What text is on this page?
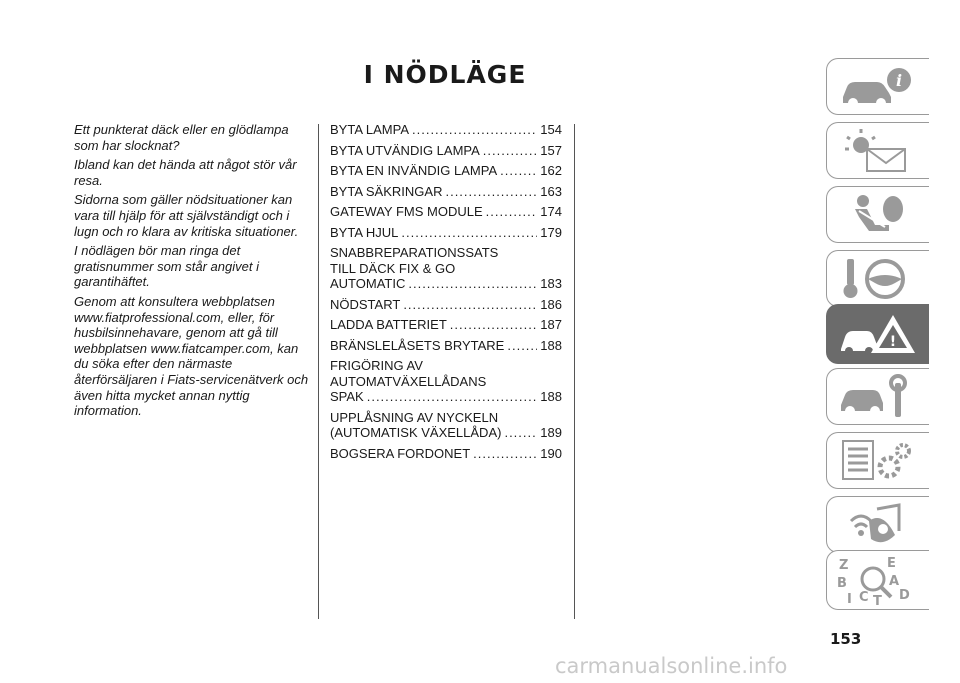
I NÖDLÄGE

Ett punkterat däck eller en glödlampa som har slocknat?

Ibland kan det hända att något stör vår resa.

Sidorna som gäller nödsituationer kan vara till hjälp för att självständigt och i lugn och ro klara av kritiska situationer.

I nödlägen bör man ringa det gratisnummer som står angivet i garantihäftet.

Genom att konsultera webbplatsen www.fiatprofessional.com, eller, för husbilsinnehavare, genom att gå till webbplatsen www.fiatcamper.com, kan du söka efter den närmaste återförsäljaren i Fiats-servicenätverk och även hitta mycket annan nyttig information.

BYTA LAMPA .....	154
BYTA UTVÄNDIG LAMPA .....	157
BYTA EN INVÄNDIG LAMPA .....	162
BYTA SÄKRINGAR .....	163
GATEWAY FMS MODULE .....	174
BYTA HJUL .....	179
SNABBREPARATIONSSATS
TILL DÄCK FIX & GO
AUTOMATIC .....	183
NÖDSTART .....	186
LADDA BATTERIET .....	187
BRÄNSLELÅSETS BRYTARE .....	188
FRIGÖRING AV
AUTOMATVÄXELLÅDANS
SPAK .....	188
UPPLÅSNING AV NYCKELN
(AUTOMATISK VÄXELLÅDA) .....	189
BOGSERA FORDONET .....	190
i
!
Z	E
B	A
I C T D
153
carmanualsonline.info
